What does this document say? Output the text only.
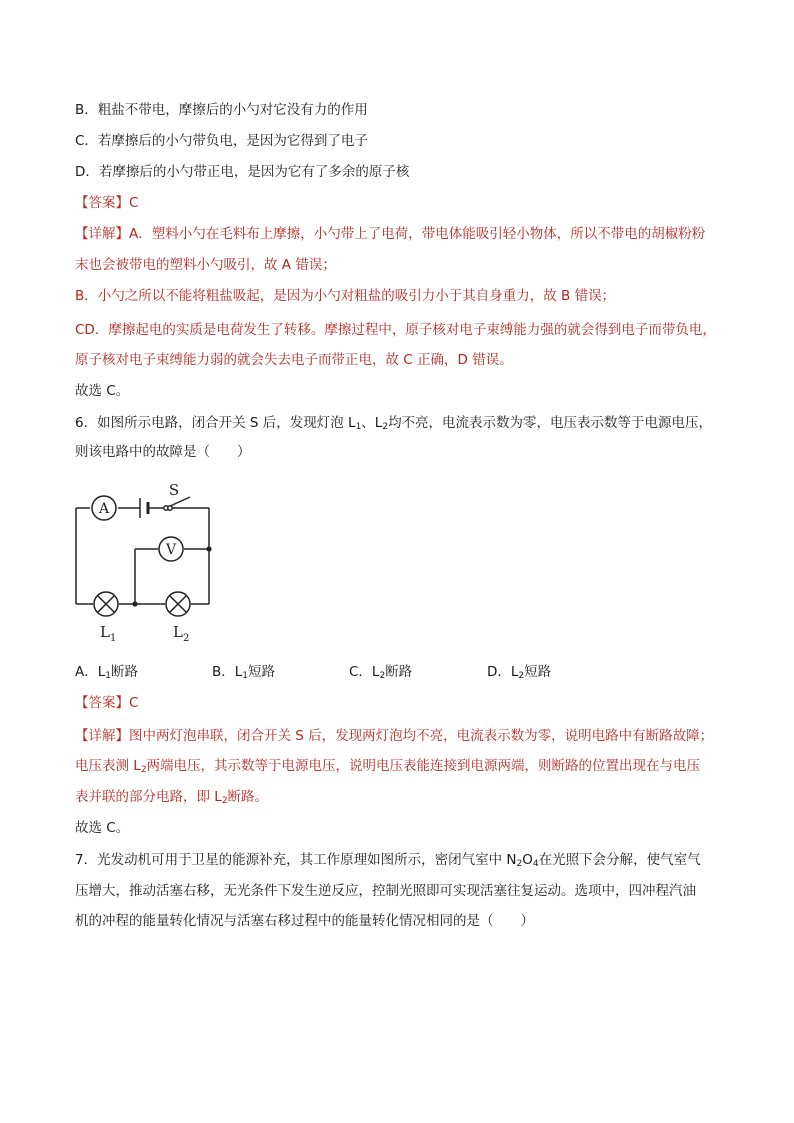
B．粗盐不带电，摩擦后的小勺对它没有力的作用
C．若摩擦后的小勺带负电，是因为它得到了电子
D．若摩擦后的小勺带正电，是因为它有了多余的原子核
【答案】C
【详解】A．塑料小勺在毛料布上摩擦，小勺带上了电荷，带电体能吸引轻小物体，所以不带电的胡椒粉粉
末也会被带电的塑料小勺吸引，故 A 错误；
B．小勺之所以不能将粗盐吸起，是因为小勺对粗盐的吸引力小于其自身重力，故 B 错误；
CD．摩擦起电的实质是电荷发生了转移。摩擦过程中，原子核对电子束缚能力强的就会得到电子而带负电，
原子核对电子束缚能力弱的就会失去电子而带正电，故 C 正确，D 错误。
故选 C。
6．如图所示电路，闭合开关 S 后，发现灯泡 $L_1$、$L_2$均不亮，电流表示数为零，电压表示数等于电源电压，
则该电路中的故障是（　　）
A
S
V
$L_1$	$L_2$
A．$L_1$断路	B．$L_1$短路	C．$L_2$断路	D．$L_2$短路
【答案】C
【详解】图中两灯泡串联，闭合开关 S 后，发现两灯泡均不亮，电流表示数为零，说明电路中有断路故障；
电压表测 $L_2$两端电压，其示数等于电源电压，说明电压表能连接到电源两端，则断路的位置出现在与电压
表并联的部分电路，即 $L_2$断路。
故选 C。
7．光发动机可用于卫星的能源补充，其工作原理如图所示，密闭气室中 $N_2O_4$在光照下会分解，使气室气
压增大，推动活塞右移，无光条件下发生逆反应，控制光照即可实现活塞往复运动。选项中，四冲程汽油
机的冲程的能量转化情况与活塞右移过程中的能量转化情况相同的是（　　）
